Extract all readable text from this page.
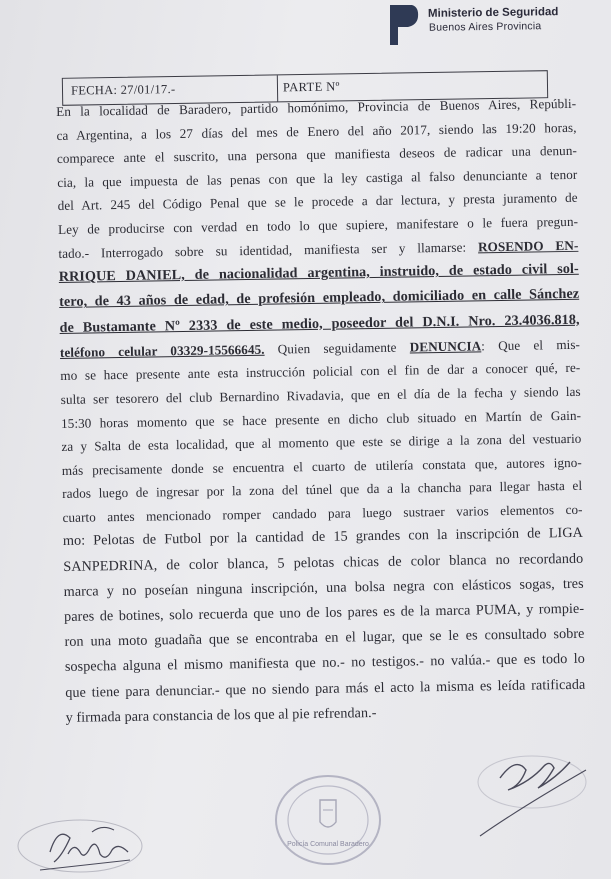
Ministerio de Seguridad
Buenos Aires Provincia
FECHA: 27/01/17.-	PARTE Nº
En la localidad de Baradero, partido homónimo, Provincia de Buenos Aires, Repúbli-
ca Argentina, a los 27 días del mes de Enero del año 2017, siendo las 19:20 horas,
comparece ante el suscrito, una persona que manifiesta deseos de radicar una denun-
cia, la que impuesta de las penas con que la ley castiga al falso denunciante a tenor
del Art. 245 del Código Penal que se le procede a dar lectura, y presta juramento de
Ley de producirse con verdad en todo lo que supiere, manifestare o le fuera pregun-
tado.- Interrogado sobre su identidad, manifiesta ser y llamarse: ROSENDO EN-
RRIQUE DANIEL, de nacionalidad argentina, instruido, de estado civil sol-
tero, de 43 años de edad, de profesión empleado, domiciliado en calle Sánchez
de Bustamante Nº 2333 de este medio, poseedor del D.N.I. Nro. 23.4036.818,
teléfono celular 03329-15566645. Quien seguidamente DENUNCIA: Que el mis-
mo se hace presente ante esta instrucción policial con el fin de dar a conocer qué, re-
sulta ser tesorero del club Bernardino Rivadavia, que en el día de la fecha y siendo las
15:30 horas momento que se hace presente en dicho club situado en Martín de Gain-
za y Salta de esta localidad, que al momento que este se dirige a la zona del vestuario
más precisamente donde se encuentra el cuarto de utilería constata que, autores igno-
rados luego de ingresar por la zona del túnel que da a la chancha para llegar hasta el
cuarto antes mencionado romper candado para luego sustraer varios elementos co-
mo: Pelotas de Futbol por la cantidad de 15 grandes con la inscripción de LIGA
SANPEDRINA, de color blanca, 5 pelotas chicas de color blanca no recordando
marca y no poseían ninguna inscripción, una bolsa negra con elásticos sogas, tres
pares de botines, solo recuerda que uno de los pares es de la marca PUMA, y rompie-
ron una moto guadaña que se encontraba en el lugar, que se le es consultado sobre
sospecha alguna el mismo manifiesta que no.- no testigos.- no valúa.- que es todo lo
que tiene para denunciar.- que no siendo para más el acto la misma es leída ratificada
y firmada para constancia de los que al pie refrendan.-
Policía Comunal Baradero
